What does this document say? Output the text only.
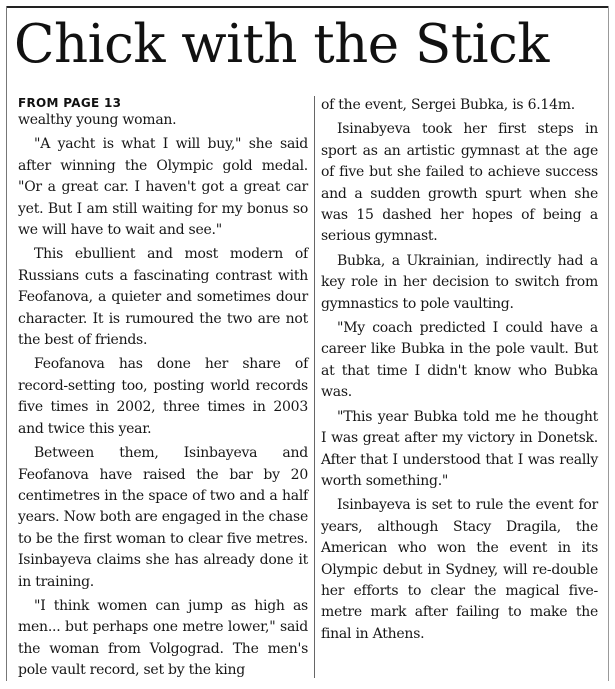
Chick with the Stick
FROM PAGE 13

wealthy young woman.

"A yacht is what I will buy," she said after winning the Olympic gold medal. "Or a great car. I haven't got a great car yet. But I am still waiting for my bonus so we will have to wait and see."

This ebullient and most modern of Russians cuts a fascinating contrast with Feofanova, a quieter and sometimes dour character. It is rumoured the two are not the best of friends.

Feofanova has done her share of record-setting too, posting world records five times in 2002, three times in 2003 and twice this year.

Between them, Isinbayeva and Feofanova have raised the bar by 20 centimetres in the space of two and a half years. Now both are engaged in the chase to be the first woman to clear five metres. Isinbayeva claims she has already done it in training.

"I think women can jump as high as men... but perhaps one metre lower," said the woman from Volgograd. The men's pole vault record, set by the king

of the event, Sergei Bubka, is 6.14m.

Isinabyeva took her first steps in sport as an artistic gymnast at the age of five but she failed to achieve success and a sudden growth spurt when she was 15 dashed her hopes of being a serious gymnast.

Bubka, a Ukrainian, indirectly had a key role in her decision to switch from gymnastics to pole vaulting.

"My coach predicted I could have a career like Bubka in the pole vault. But at that time I didn't know who Bubka was.

"This year Bubka told me he thought I was great after my victory in Donetsk. After that I understood that I was really worth something."

Isinbayeva is set to rule the event for years, although Stacy Dragila, the American who won the event in its Olympic debut in Sydney, will re-double her efforts to clear the magical five-metre mark after failing to make the final in Athens.
